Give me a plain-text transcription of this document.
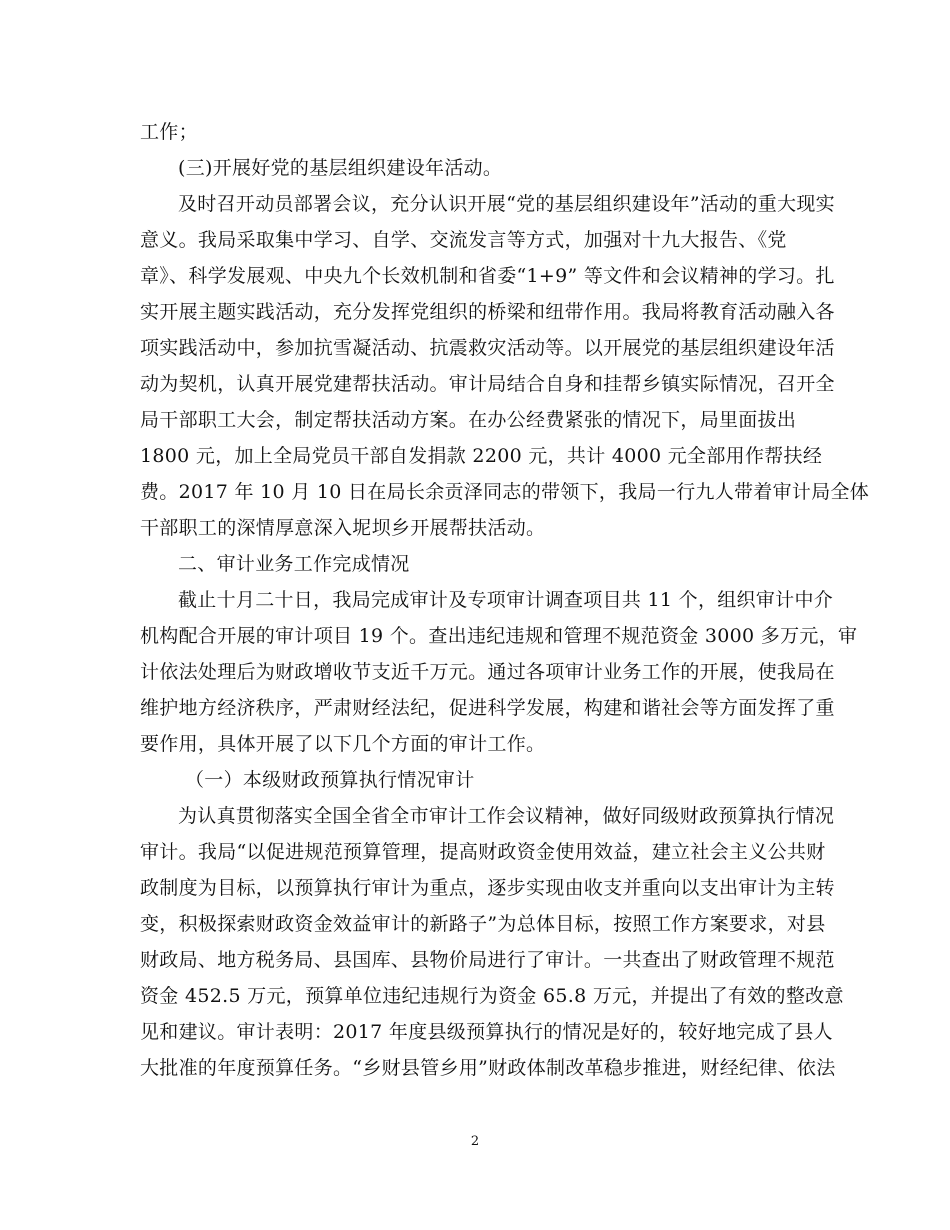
工作；
(三)开展好党的基层组织建设年活动。
及时召开动员部署会议，充分认识开展“党的基层组织建设年”活动的重大现实
意义。我局采取集中学习、自学、交流发言等方式，加强对十九大报告、《党
章》、科学发展观、中央九个长效机制和省委“1+9” 等文件和会议精神的学习。扎
实开展主题实践活动，充分发挥党组织的桥梁和纽带作用。我局将教育活动融入各
项实践活动中，参加抗雪凝活动、抗震救灾活动等。以开展党的基层组织建设年活
动为契机，认真开展党建帮扶活动。审计局结合自身和挂帮乡镇实际情况，召开全
局干部职工大会，制定帮扶活动方案。在办公经费紧张的情况下，局里面拔出
1800 元，加上全局党员干部自发捐款 2200 元，共计 4000 元全部用作帮扶经
费。2017 年 10 月 10 日在局长余贡泽同志的带领下，我局一行九人带着审计局全体
干部职工的深情厚意深入坭坝乡开展帮扶活动。
二、审计业务工作完成情况
截止十月二十日，我局完成审计及专项审计调查项目共 11 个，组织审计中介
机构配合开展的审计项目 19 个。查出违纪违规和管理不规范资金 3000 多万元，审
计依法处理后为财政增收节支近千万元。通过各项审计业务工作的开展，使我局在
维护地方经济秩序，严肃财经法纪，促进科学发展，构建和谐社会等方面发挥了重
要作用，具体开展了以下几个方面的审计工作。
（一）本级财政预算执行情况审计
为认真贯彻落实全国全省全市审计工作会议精神，做好同级财政预算执行情况
审计。我局“以促进规范预算管理，提高财政资金使用效益，建立社会主义公共财
政制度为目标，以预算执行审计为重点，逐步实现由收支并重向以支出审计为主转
变，积极探索财政资金效益审计的新路子”为总体目标，按照工作方案要求，对县
财政局、地方税务局、县国库、县物价局进行了审计。一共查出了财政管理不规范
资金 452.5 万元，预算单位违纪违规行为资金 65.8 万元，并提出了有效的整改意
见和建议。审计表明：2017 年度县级预算执行的情况是好的，较好地完成了县人
大批准的年度预算任务。“乡财县管乡用”财政体制改革稳步推进，财经纪律、依法
2
